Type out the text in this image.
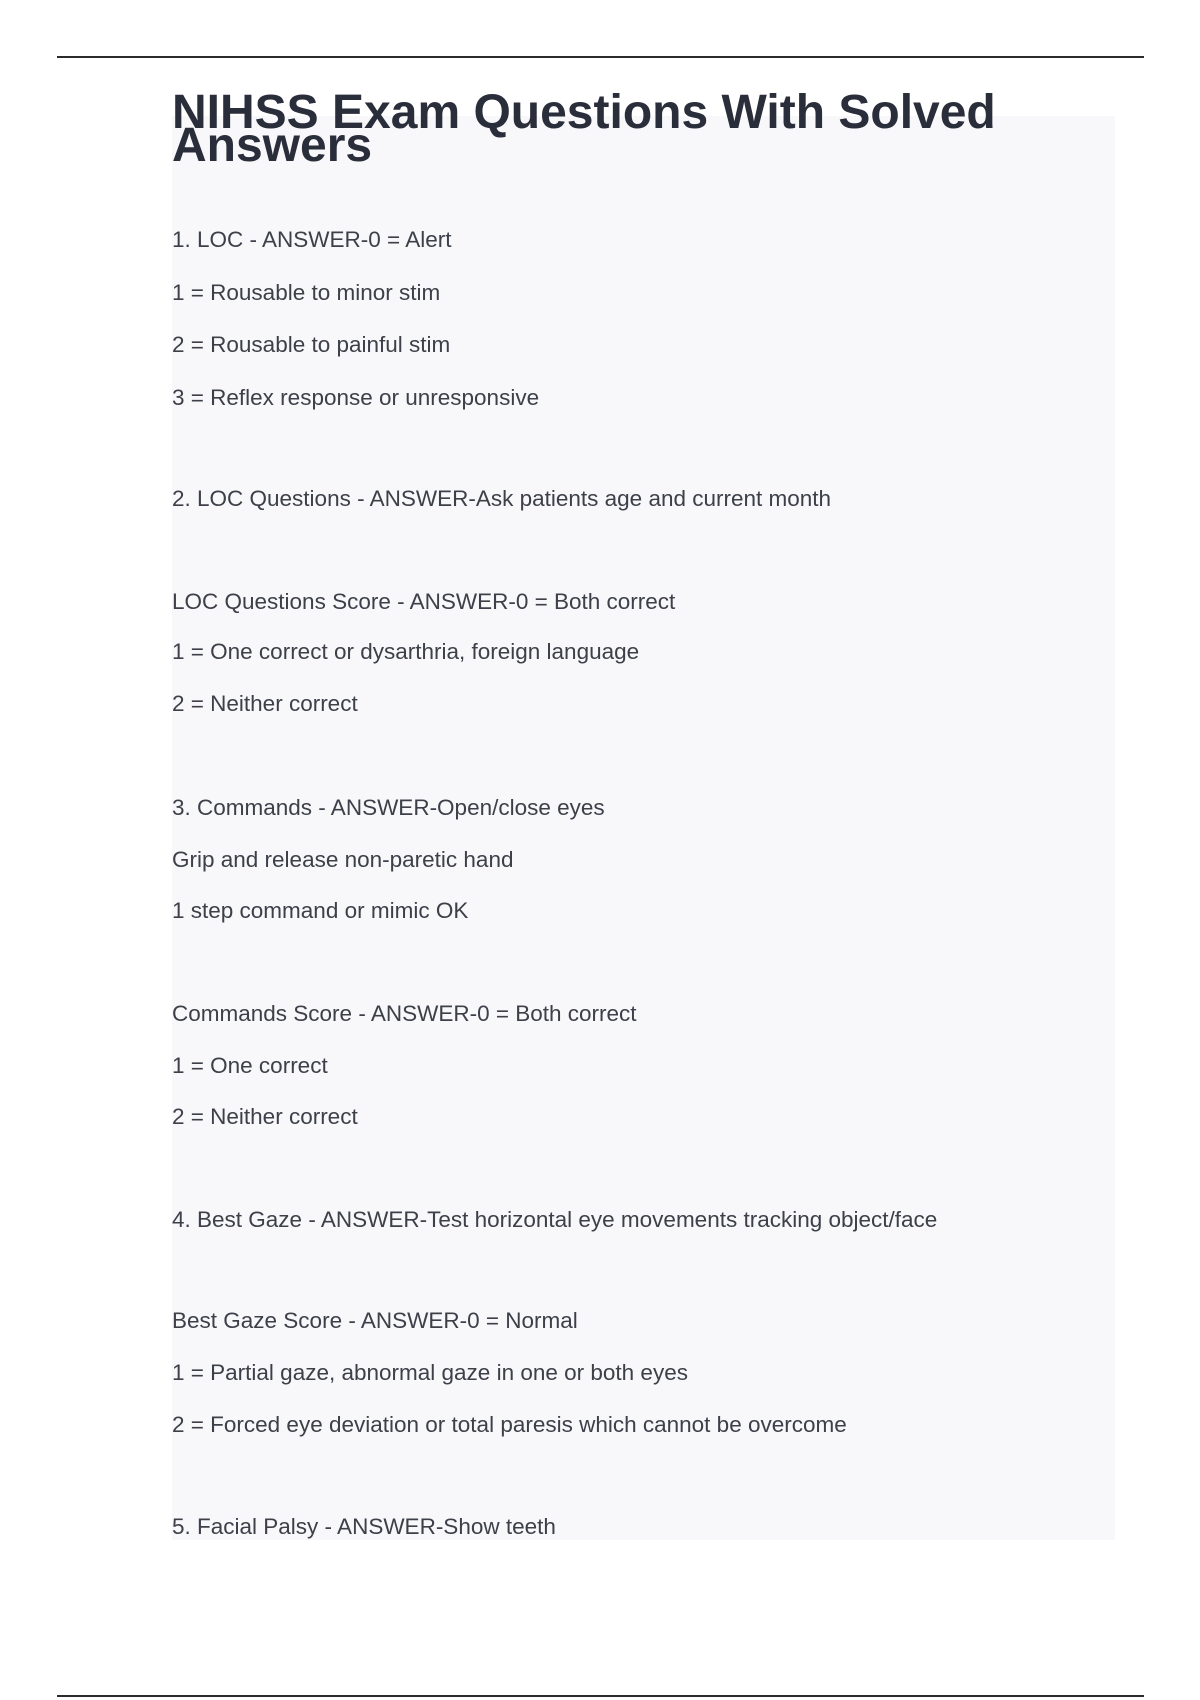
NIHSS Exam Questions With Solved Answers

1. LOC - ANSWER-0 = Alert

1 = Rousable to minor stim

2 = Rousable to painful stim

3 = Reflex response or unresponsive

2. LOC Questions - ANSWER-Ask patients age and current month

LOC Questions Score - ANSWER-0 = Both correct

1 = One correct or dysarthria, foreign language

2 = Neither correct

3. Commands - ANSWER-Open/close eyes

Grip and release non-paretic hand

1 step command or mimic OK

Commands Score - ANSWER-0 = Both correct

1 = One correct

2 = Neither correct

4. Best Gaze - ANSWER-Test horizontal eye movements tracking object/face

Best Gaze Score - ANSWER-0 = Normal

1 = Partial gaze, abnormal gaze in one or both eyes

2 = Forced eye deviation or total paresis which cannot be overcome

5. Facial Palsy - ANSWER-Show teeth
